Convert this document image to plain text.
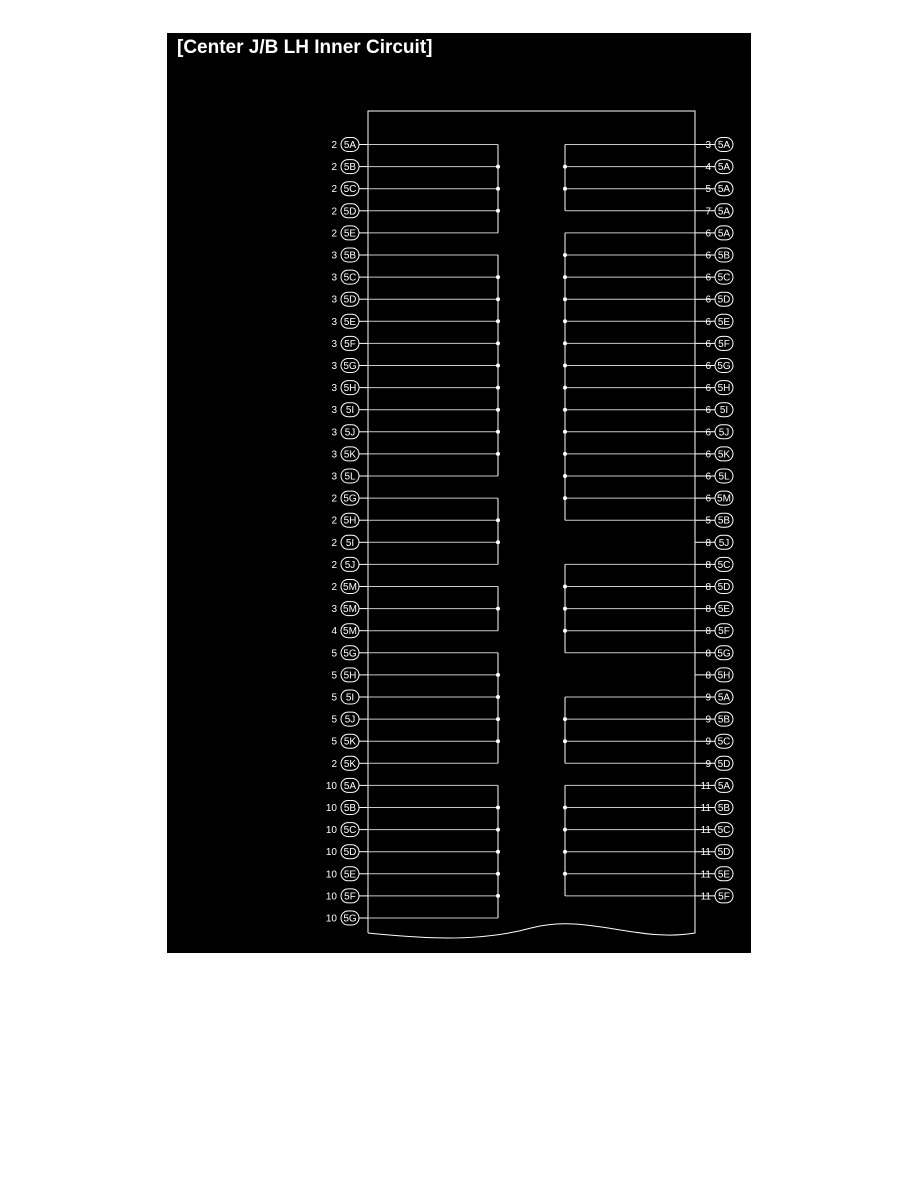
[Center J/B LH Inner Circuit]
2 5A
2 5B
2 5C
2 5D
2 5E
3 5B
3 5C
3 5D
3 5E
3 5F
3 5G
3 5H
3 5I
3 5J
3 5K
3 5L
2 5G
2 5H
2 5I
2 5J
2 5M
3 5M
4 5M
5 5G
5 5H
5 5I
5 5J
5 5K
2 5K
10 5A
10 5B
10 5C
10 5D
10 5E
10 5F
10 5G
3 5A
4 5A
5 5A
7 5A
6 5A
6 5B
6 5C
6 5D
6 5E
6 5F
6 5G
6 5H
6 5I
6 5J
6 5K
6 5L
6 5M
5 5B
8 5J
8 5C
8 5D
8 5E
8 5F
8 5G
8 5H
9 5A
9 5B
9 5C
9 5D
11 5A
11 5B
11 5C
11 5D
11 5E
11 5F
